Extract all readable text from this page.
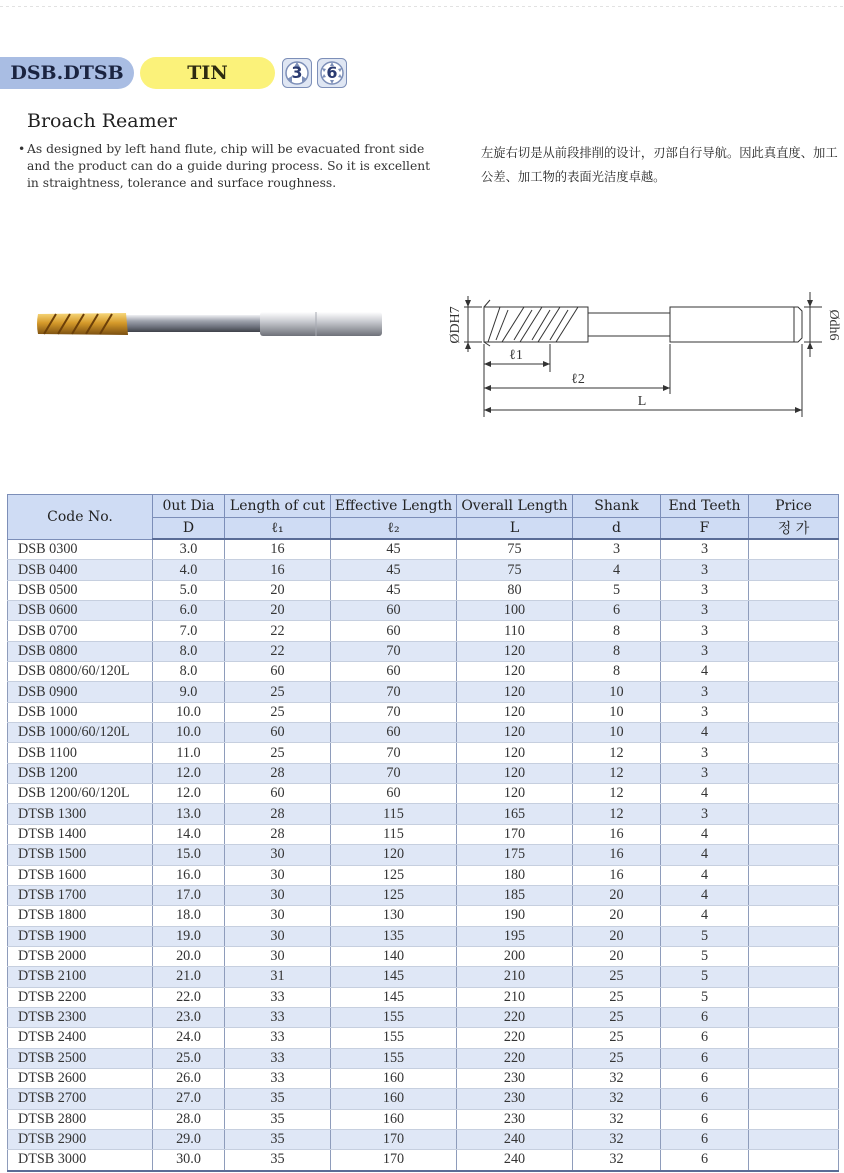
DSB.DTSB	TIN	3	6
Broach Reamer
• As designed by left hand flute, chip will be evacuated front side and the product can do a guide during process. So it is excellent in straightness, tolerance and surface roughness.
左旋右切是从前段排削的设计，刃部自行导航。因此真直度、加工公差、加工物的表面光洁度卓越。
ØDH7	Ødh6
ℓ1
ℓ2
L
Code No.	0ut Dia	Length of cut	Effective Length	Overall Length	Shank	End Teeth	Price
	D	ℓ₁	ℓ₂	L	d	F	정 가
DSB 0300	3.0	16	45	75	3	3	
DSB 0400	4.0	16	45	75	4	3	
DSB 0500	5.0	20	45	80	5	3	
DSB 0600	6.0	20	60	100	6	3	
DSB 0700	7.0	22	60	110	8	3	
DSB 0800	8.0	22	70	120	8	3	
DSB 0800/60/120L	8.0	60	60	120	8	4	
DSB 0900	9.0	25	70	120	10	3	
DSB 1000	10.0	25	70	120	10	3	
DSB 1000/60/120L	10.0	60	60	120	10	4	
DSB 1100	11.0	25	70	120	12	3	
DSB 1200	12.0	28	70	120	12	3	
DSB 1200/60/120L	12.0	60	60	120	12	4	
DTSB 1300	13.0	28	115	165	12	3	
DTSB 1400	14.0	28	115	170	16	4	
DTSB 1500	15.0	30	120	175	16	4	
DTSB 1600	16.0	30	125	180	16	4	
DTSB 1700	17.0	30	125	185	20	4	
DTSB 1800	18.0	30	130	190	20	4	
DTSB 1900	19.0	30	135	195	20	5	
DTSB 2000	20.0	30	140	200	20	5	
DTSB 2100	21.0	31	145	210	25	5	
DTSB 2200	22.0	33	145	210	25	5	
DTSB 2300	23.0	33	155	220	25	6	
DTSB 2400	24.0	33	155	220	25	6	
DTSB 2500	25.0	33	155	220	25	6	
DTSB 2600	26.0	33	160	230	32	6	
DTSB 2700	27.0	35	160	230	32	6	
DTSB 2800	28.0	35	160	230	32	6	
DTSB 2900	29.0	35	170	240	32	6	
DTSB 3000	30.0	35	170	240	32	6	
